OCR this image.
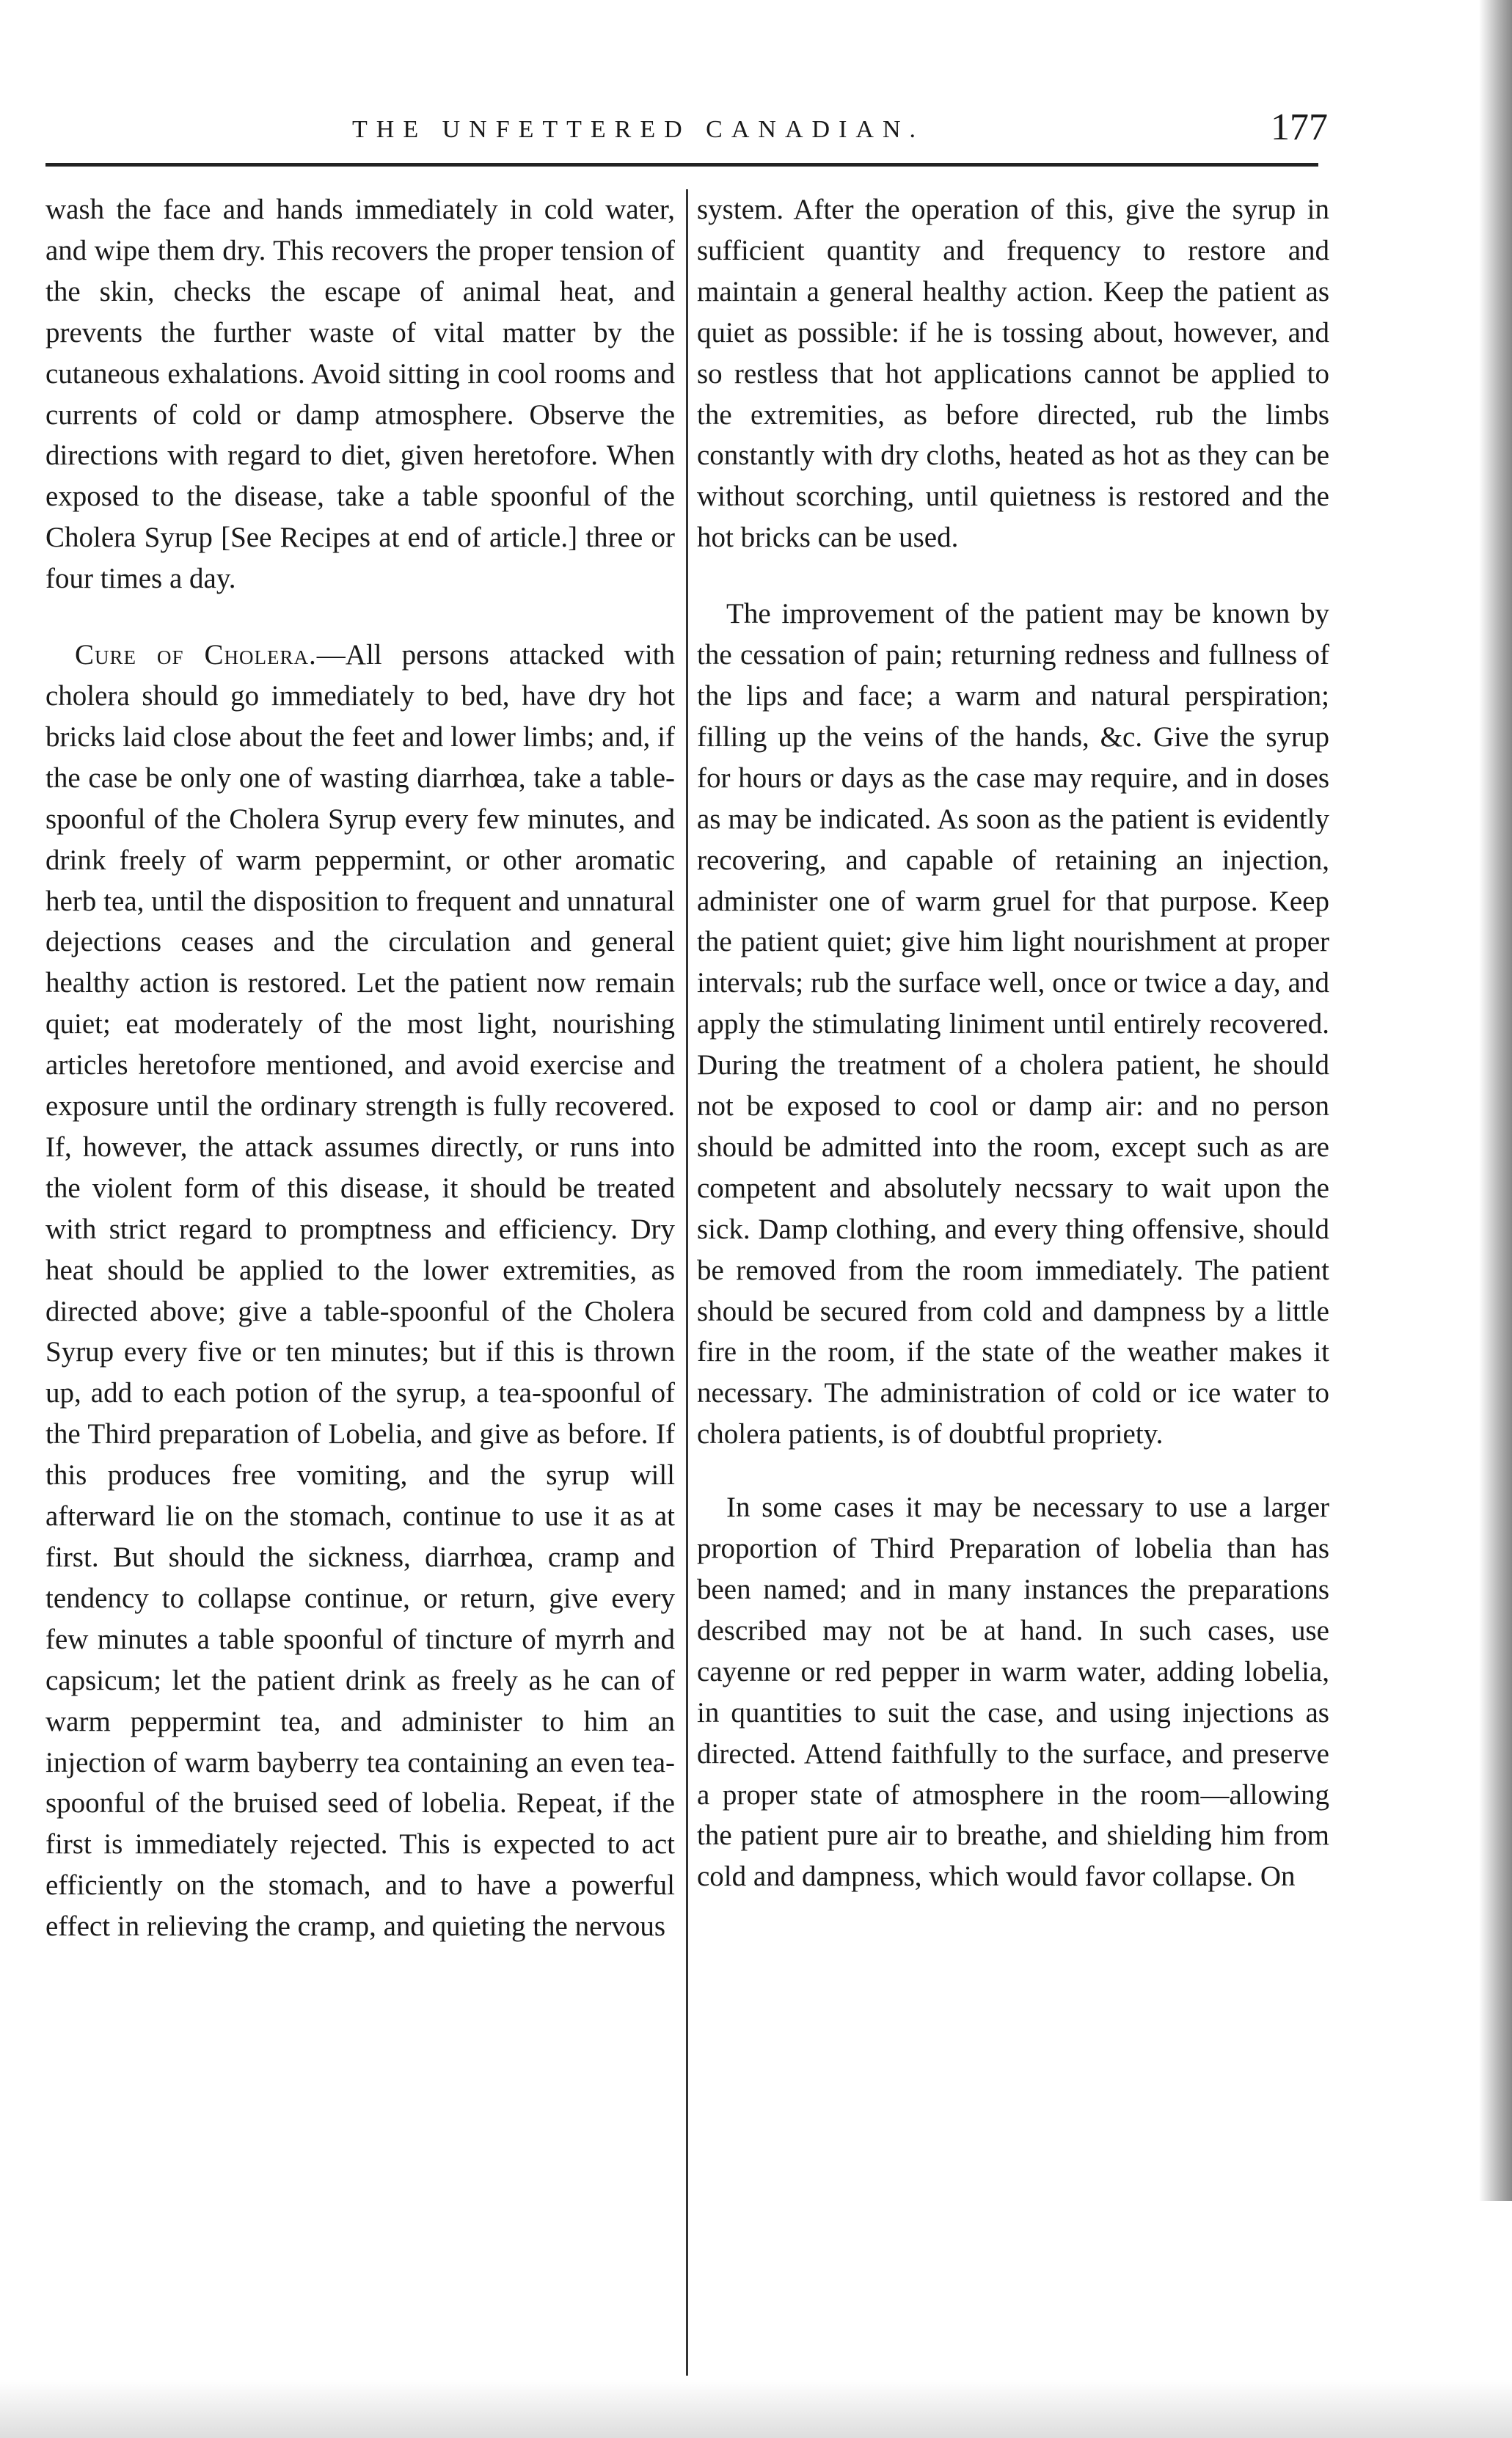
THE UNFETTERED CANADIAN.	177

wash the face and hands immediately in cold water, and wipe them dry. This recovers the proper tension of the skin, checks the escape of animal heat, and prevents the further waste of vital matter by the cutaneous exhalations. Avoid sitting in cool rooms and currents of cold or damp atmosphere. Observe the directions with regard to diet, given heretofore. When exposed to the disease, take a table spoonful of the Cholera Syrup [See Recipes at end of article.] three or four times a day.

Cure of Cholera.—All persons attacked with cholera should go immediately to bed, have dry hot bricks laid close about the feet and lower limbs; and, if the case be only one of wasting diarrhœa, take a table-spoonful of the Cholera Syrup every few minutes, and drink freely of warm peppermint, or other aromatic herb tea, until the disposition to frequent and unnatural dejections ceases and the circulation and general healthy action is restored. Let the patient now remain quiet; eat moderately of the most light, nourishing articles heretofore mentioned, and avoid exercise and exposure until the ordinary strength is fully recovered. If, however, the attack assumes directly, or runs into the violent form of this disease, it should be treated with strict regard to promptness and efficiency. Dry heat should be applied to the lower extremities, as directed above; give a table-spoonful of the Cholera Syrup every five or ten minutes; but if this is thrown up, add to each potion of the syrup, a tea-spoonful of the Third preparation of Lobelia, and give as before. If this produces free vomiting, and the syrup will afterward lie on the stomach, continue to use it as at first. But should the sickness, diarrhœa, cramp and tendency to collapse continue, or return, give every few minutes a table spoonful of tincture of myrrh and capsicum; let the patient drink as freely as he can of warm peppermint tea, and administer to him an injection of warm bayberry tea containing an even tea-spoonful of the bruised seed of lobelia. Repeat, if the first is immediately rejected. This is expected to act efficiently on the stomach, and to have a powerful effect in relieving the cramp, and quieting the nervous

system. After the operation of this, give the syrup in sufficient quantity and frequency to restore and maintain a general healthy action. Keep the patient as quiet as possible: if he is tossing about, however, and so restless that hot applications cannot be applied to the extremities, as before directed, rub the limbs constantly with dry cloths, heated as hot as they can be without scorching, until quietness is restored and the hot bricks can be used.

The improvement of the patient may be known by the cessation of pain; returning redness and fullness of the lips and face; a warm and natural perspiration; filling up the veins of the hands, &c. Give the syrup for hours or days as the case may require, and in doses as may be indicated. As soon as the patient is evidently recovering, and capable of retaining an injection, administer one of warm gruel for that purpose. Keep the patient quiet; give him light nourishment at proper intervals; rub the surface well, once or twice a day, and apply the stimulating liniment until entirely recovered. During the treatment of a cholera patient, he should not be exposed to cool or damp air: and no person should be admitted into the room, except such as are competent and absolutely necssary to wait upon the sick. Damp clothing, and every thing offensive, should be removed from the room immediately. The patient should be secured from cold and dampness by a little fire in the room, if the state of the weather makes it necessary. The administration of cold or ice water to cholera patients, is of doubtful propriety.

In some cases it may be necessary to use a larger proportion of Third Preparation of lobelia than has been named; and in many instances the preparations described may not be at hand. In such cases, use cayenne or red pepper in warm water, adding lobelia, in quantities to suit the case, and using injections as directed. Attend faithfully to the surface, and preserve a proper state of atmosphere in the room—allowing the patient pure air to breathe, and shielding him from cold and dampness, which would favor collapse. On
